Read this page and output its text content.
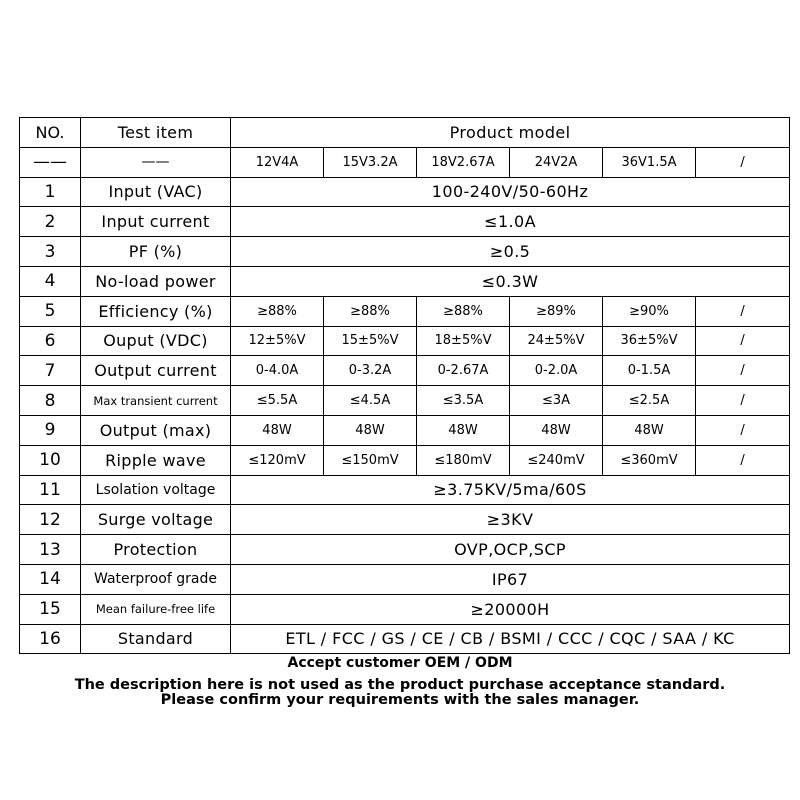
NO.	Test item	Product model					
——	——	12V4A	15V3.2A	18V2.67A	24V2A	36V1.5A	/
1	Input (VAC)	100-240V/50-60Hz					
2	Input current	≤1.0A					
3	PF (%)	≥0.5					
4	No-load power	≤0.3W					
5	Efficiency (%)	≥88%	≥88%	≥88%	≥89%	≥90%	/
6	Ouput (VDC)	12±5%V	15±5%V	18±5%V	24±5%V	36±5%V	/
7	Output current	0-4.0A	0-3.2A	0-2.67A	0-2.0A	0-1.5A	/
8	Max transient current	≤5.5A	≤4.5A	≤3.5A	≤3A	≤2.5A	/
9	Output (max)	48W	48W	48W	48W	48W	/
10	Ripple wave	≤120mV	≤150mV	≤180mV	≤240mV	≤360mV	/
11	Lsolation voltage	≥3.75KV/5ma/60S					
12	Surge voltage	≥3KV					
13	Protection	OVP,OCP,SCP					
14	Waterproof grade	IP67					
15	Mean failure-free life	≥20000H					
16	Standard	ETL / FCC / GS / CE / CB / BSMI / CCC / CQC / SAA / KC					
Accept customer OEM / ODM
The description here is not used as the product purchase acceptance standard.
Please confirm your requirements with the sales manager.
